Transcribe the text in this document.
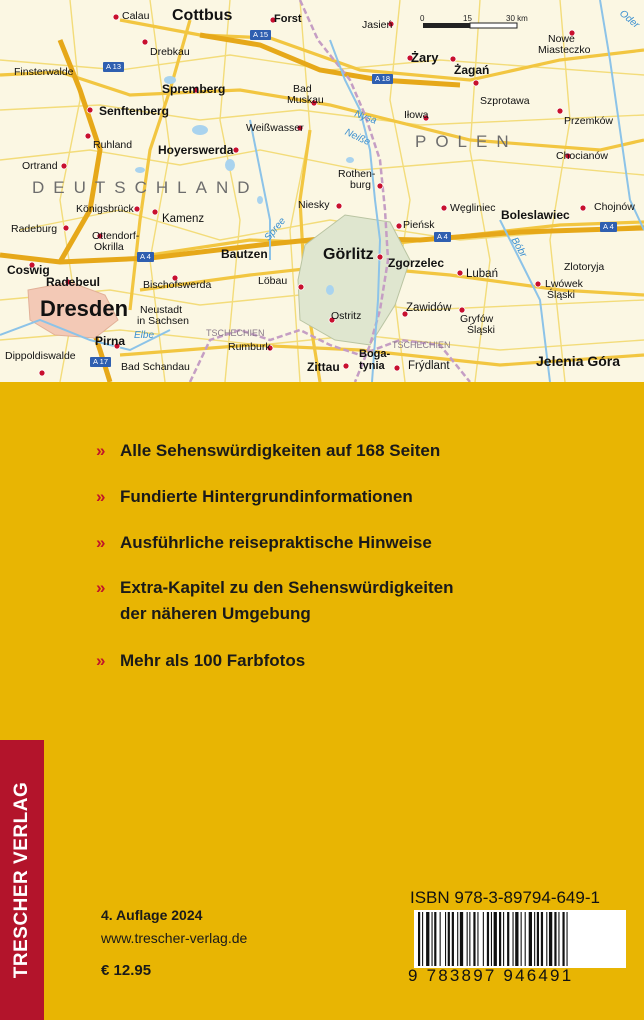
DEUTSCHLAND
POLEN
TSCHECHIEN
TSCHECHIEN
Nysa
Neiße
Spree
Elbe
Bóbr
Oder
A 13
A 15
A 18
A 4
A 4
A 4
A 17
0	15	30 km
Calau Cottbus	Forst	Jasień
Nowe
Miasteczko
Drebkau
Finsterwalde
Żary
Żagań
Spremberg	Bad
Muskau	Szprotawa
Senftenberg	Iłowa	Przemków
Weißwasser
Ruhland Hoyerswerda	Chocianów
Ortrand
Rothen-
burg
Niesky
Königsbrück	Węgliniec	Chojnów
Radeburg
Kamenz	Pieńsk
Boleslawiec
Ottendorf-
Okrilla	Bautzen	Görlitz Zgorzelec
Coswig
Radebeul	Bischofswerda	Löbau
Lubań
Zlotoryja
Lwówek
Śląski
Dresden	Zawidów
Neustadt
in Sachsen	Ostritz	Gryfów
Śląski
Rumburk
Dippoldiswalde
Pirna
Zittau
Boga-
tynia Frýdlant	Jelenia Góra
Bad Schandau
» Alle Sehenswürdigkeiten auf 168 Seiten
» Fundierte Hintergrundinformationen
» Ausführliche reisepraktische Hinweise
» Extra-Kapitel zu den Sehenswürdigkeiten
der näheren Umgebung
» Mehr als 100 Farbfotos
TRESCHER VERLAG	4. Auflage 2024
www.trescher-verlag.de
€ 12.95
ISBN 978-3-89794-649-1
9 783897 946491
